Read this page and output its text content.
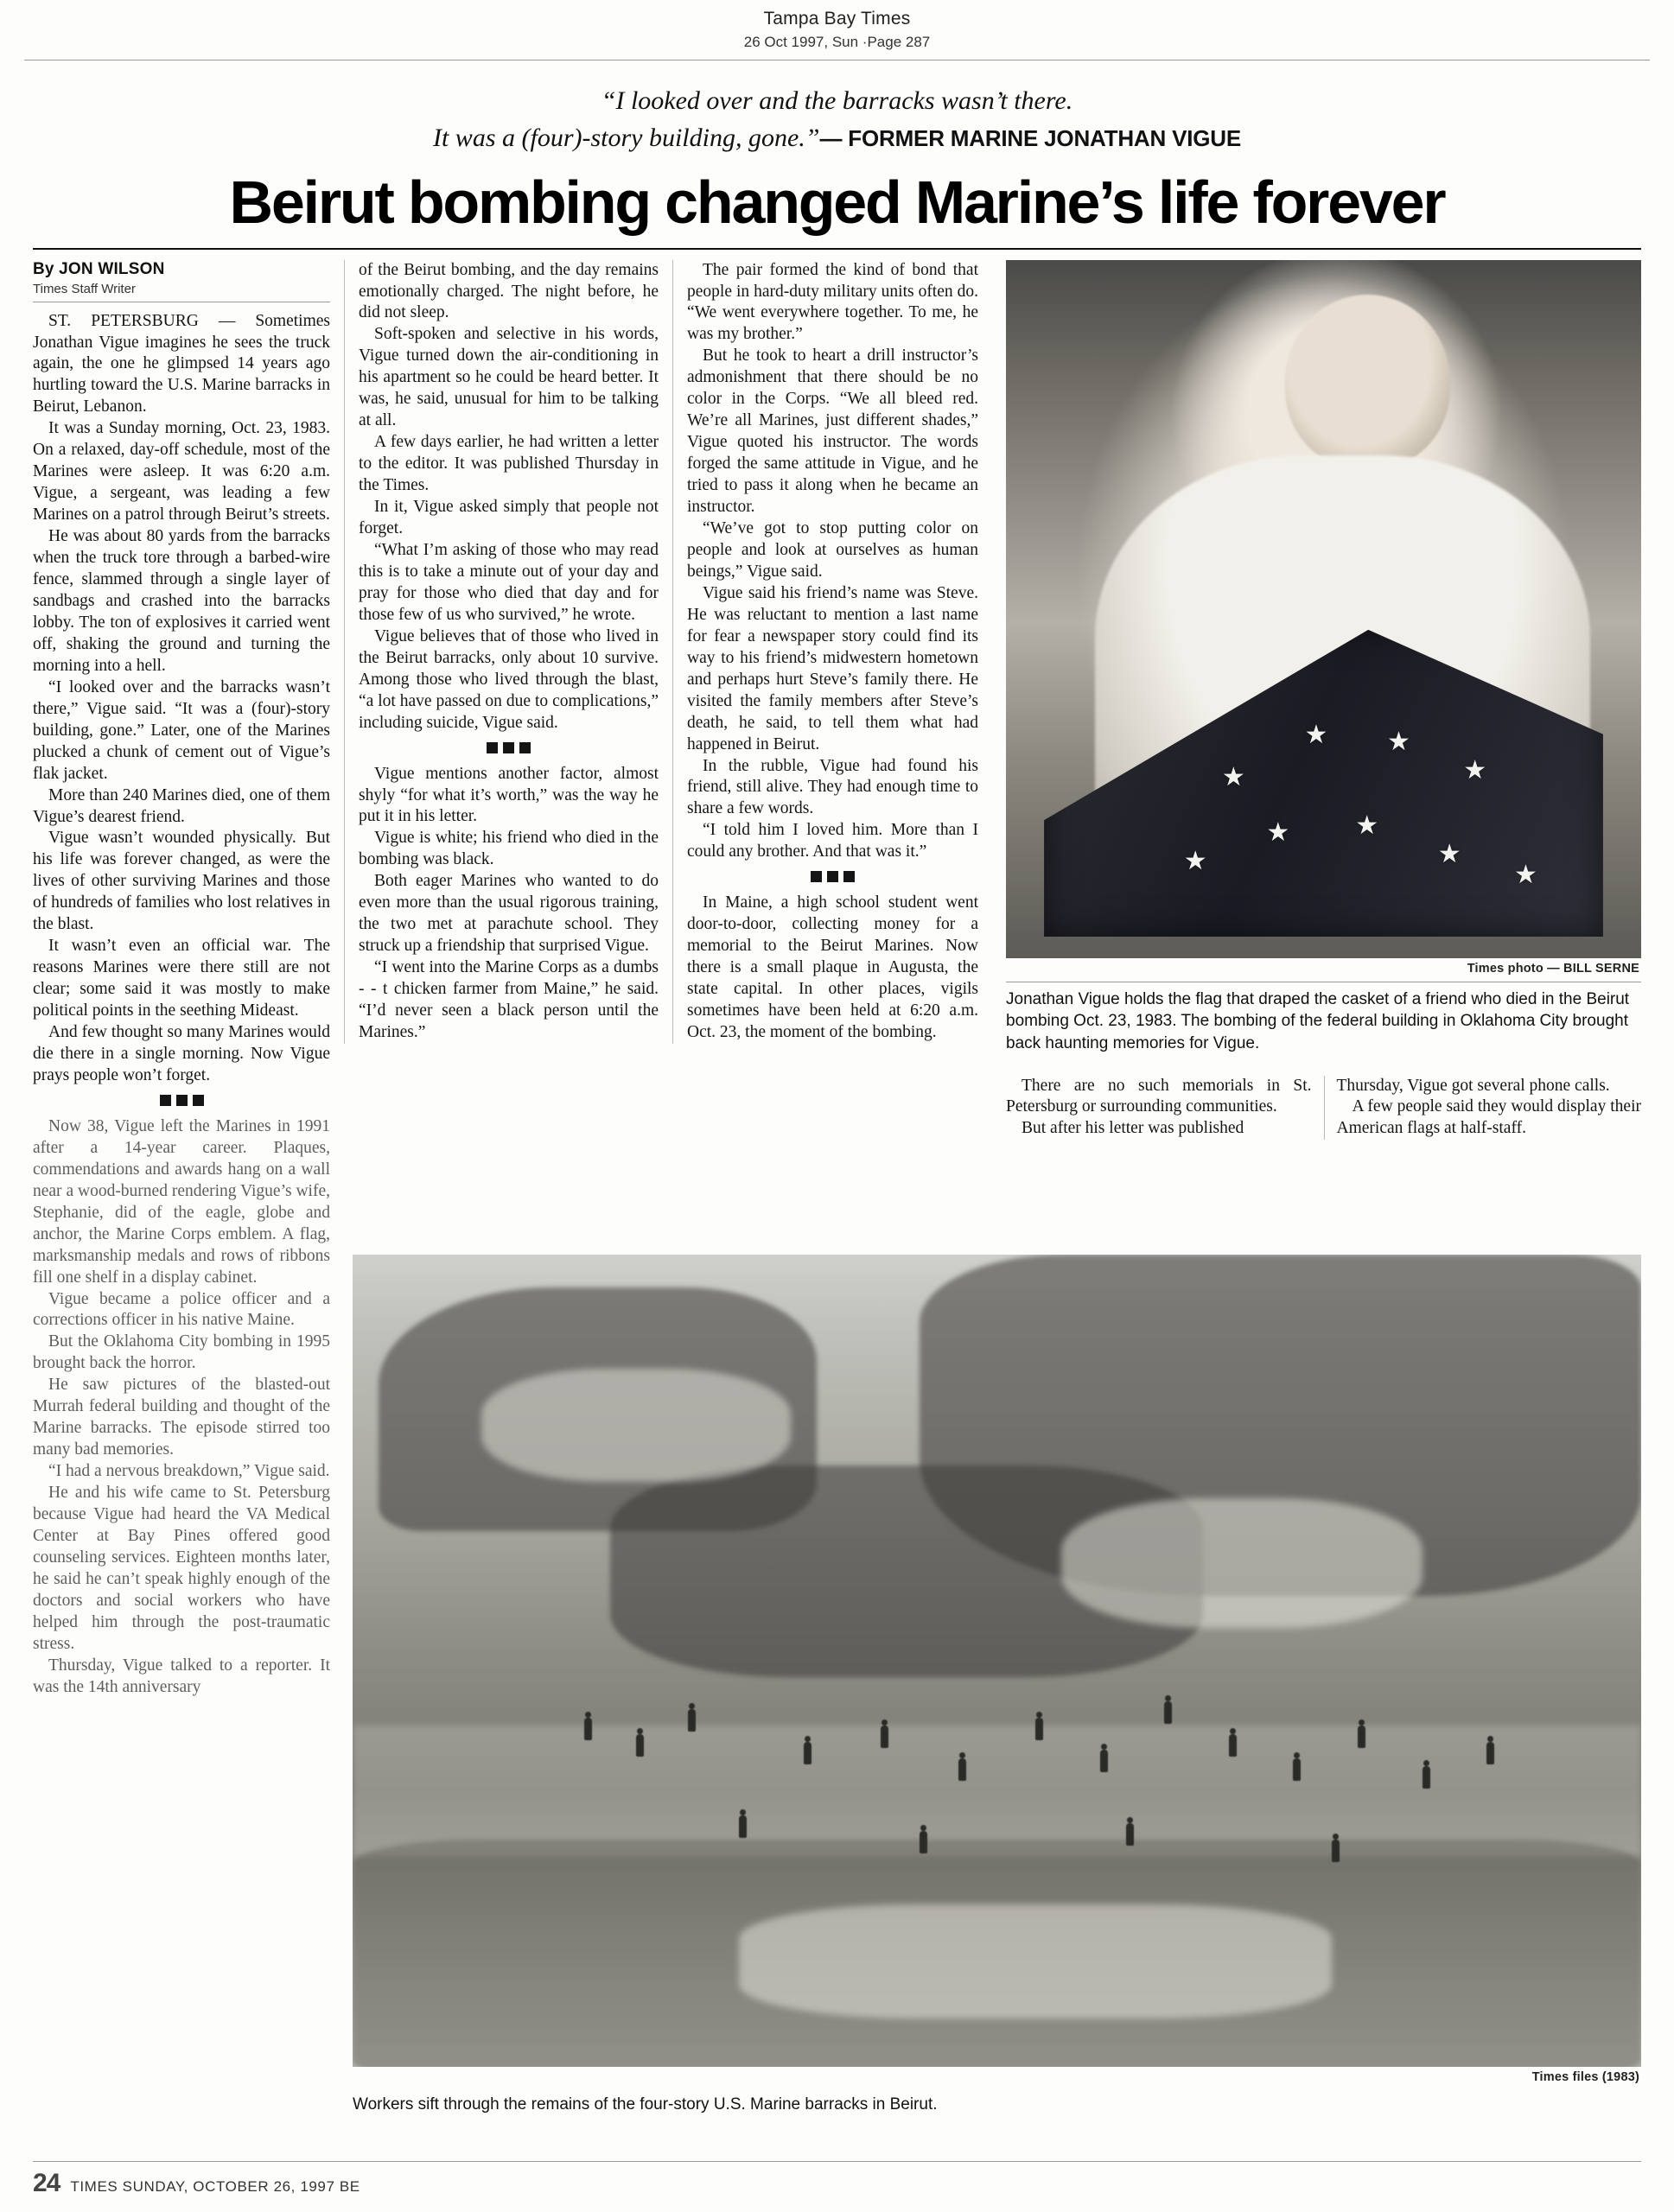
Tampa Bay Times
26 Oct 1997, Sun ·Page 287
“I looked over and the barracks wasn’t there.
It was a (four)-story building, gone.”— FORMER MARINE JONATHAN VIGUE
Beirut bombing changed Marine’s life forever
By JON WILSON
Times Staff Writer

ST. PETERSBURG — Sometimes Jonathan Vigue imagines he sees the truck again, the one he glimpsed 14 years ago hurtling toward the U.S. Marine barracks in Beirut, Lebanon.

It was a Sunday morning, Oct. 23, 1983. On a relaxed, day-off schedule, most of the Marines were asleep. It was 6:20 a.m. Vigue, a sergeant, was leading a few Marines on a patrol through Beirut’s streets.

He was about 80 yards from the barracks when the truck tore through a barbed-wire fence, slammed through a single layer of sandbags and crashed into the barracks lobby. The ton of explosives it carried went off, shaking the ground and turning the morning into a hell.

“I looked over and the barracks wasn’t there,” Vigue said. “It was a (four)-story building, gone.” Later, one of the Marines plucked a chunk of cement out of Vigue’s flak jacket.

More than 240 Marines died, one of them Vigue’s dearest friend.

Vigue wasn’t wounded physically. But his life was forever changed, as were the lives of other surviving Marines and those of hundreds of families who lost relatives in the blast.

It wasn’t even an official war. The reasons Marines were there still are not clear; some said it was mostly to make political points in the seething Mideast.

And few thought so many Marines would die there in a single morning. Now Vigue prays people won’t forget.

Now 38, Vigue left the Marines in 1991 after a 14-year career. Plaques, commendations and awards hang on a wall near a wood-burned rendering Vigue’s wife, Stephanie, did of the eagle, globe and anchor, the Marine Corps emblem. A flag, marksmanship medals and rows of ribbons fill one shelf in a display cabinet.

Vigue became a police officer and a corrections officer in his native Maine.

But the Oklahoma City bombing in 1995 brought back the horror.

He saw pictures of the blasted-out Murrah federal building and thought of the Marine barracks. The episode stirred too many bad memories.

“I had a nervous breakdown,” Vigue said.

He and his wife came to St. Petersburg because Vigue had heard the VA Medical Center at Bay Pines offered good counseling services. Eighteen months later, he said he can’t speak highly enough of the doctors and social workers who have helped him through the post-traumatic stress.

Thursday, Vigue talked to a reporter. It was the 14th anniversary

of the Beirut bombing, and the day remains emotionally charged. The night before, he did not sleep.

Soft-spoken and selective in his words, Vigue turned down the air-conditioning in his apartment so he could be heard better. It was, he said, unusual for him to be talking at all.

A few days earlier, he had written a letter to the editor. It was published Thursday in the Times.

In it, Vigue asked simply that people not forget.

“What I’m asking of those who may read this is to take a minute out of your day and pray for those who died that day and for those few of us who survived,” he wrote.

Vigue believes that of those who lived in the Beirut barracks, only about 10 survive. Among those who lived through the blast, “a lot have passed on due to complications,” including suicide, Vigue said.

Vigue mentions another factor, almost shyly “for what it’s worth,” was the way he put it in his letter.

Vigue is white; his friend who died in the bombing was black.

Both eager Marines who wanted to do even more than the usual rigorous training, the two met at parachute school. They struck up a friendship that surprised Vigue.

“I went into the Marine Corps as a dumbs - - t chicken farmer from Maine,” he said. “I’d never seen a black person until the Marines.”

The pair formed the kind of bond that people in hard-duty military units often do. “We went everywhere together. To me, he was my brother.”

But he took to heart a drill instructor’s admonishment that there should be no color in the Corps. “We all bleed red. We’re all Marines, just different shades,” Vigue quoted his instructor. The words forged the same attitude in Vigue, and he tried to pass it along when he became an instructor.

“We’ve got to stop putting color on people and look at ourselves as human beings,” Vigue said.

Vigue said his friend’s name was Steve. He was reluctant to mention a last name for fear a newspaper story could find its way to his friend’s midwestern hometown and perhaps hurt Steve’s family there. He visited the family members after Steve’s death, he said, to tell them what had happened in Beirut.

In the rubble, Vigue had found his friend, still alive. They had enough time to share a few words.

“I told him I loved him. More than I could any brother. And that was it.”

In Maine, a high school student went door-to-door, collecting money for a memorial to the Beirut Marines. Now there is a small plaque in Augusta, the state capital. In other places, vigils sometimes have been held at 6:20 a.m. Oct. 23, the moment of the bombing.

★
★ ★
★
★
★	★
★
★
Times photo — BILL SERNE
Jonathan Vigue holds the flag that draped the casket of a friend who died in the Beirut bombing Oct. 23, 1983. The bombing of the federal building in Oklahoma City brought back haunting memories for Vigue.

There are no such memorials in St. Petersburg or surrounding communities.

But after his letter was published

Thursday, Vigue got several phone calls.

A few people said they would display their American flags at half-staff.

Times files (1983)
Workers sift through the remains of the four-story U.S. Marine barracks in Beirut.
24 TIMES SUNDAY, OCTOBER 26, 1997 BE
